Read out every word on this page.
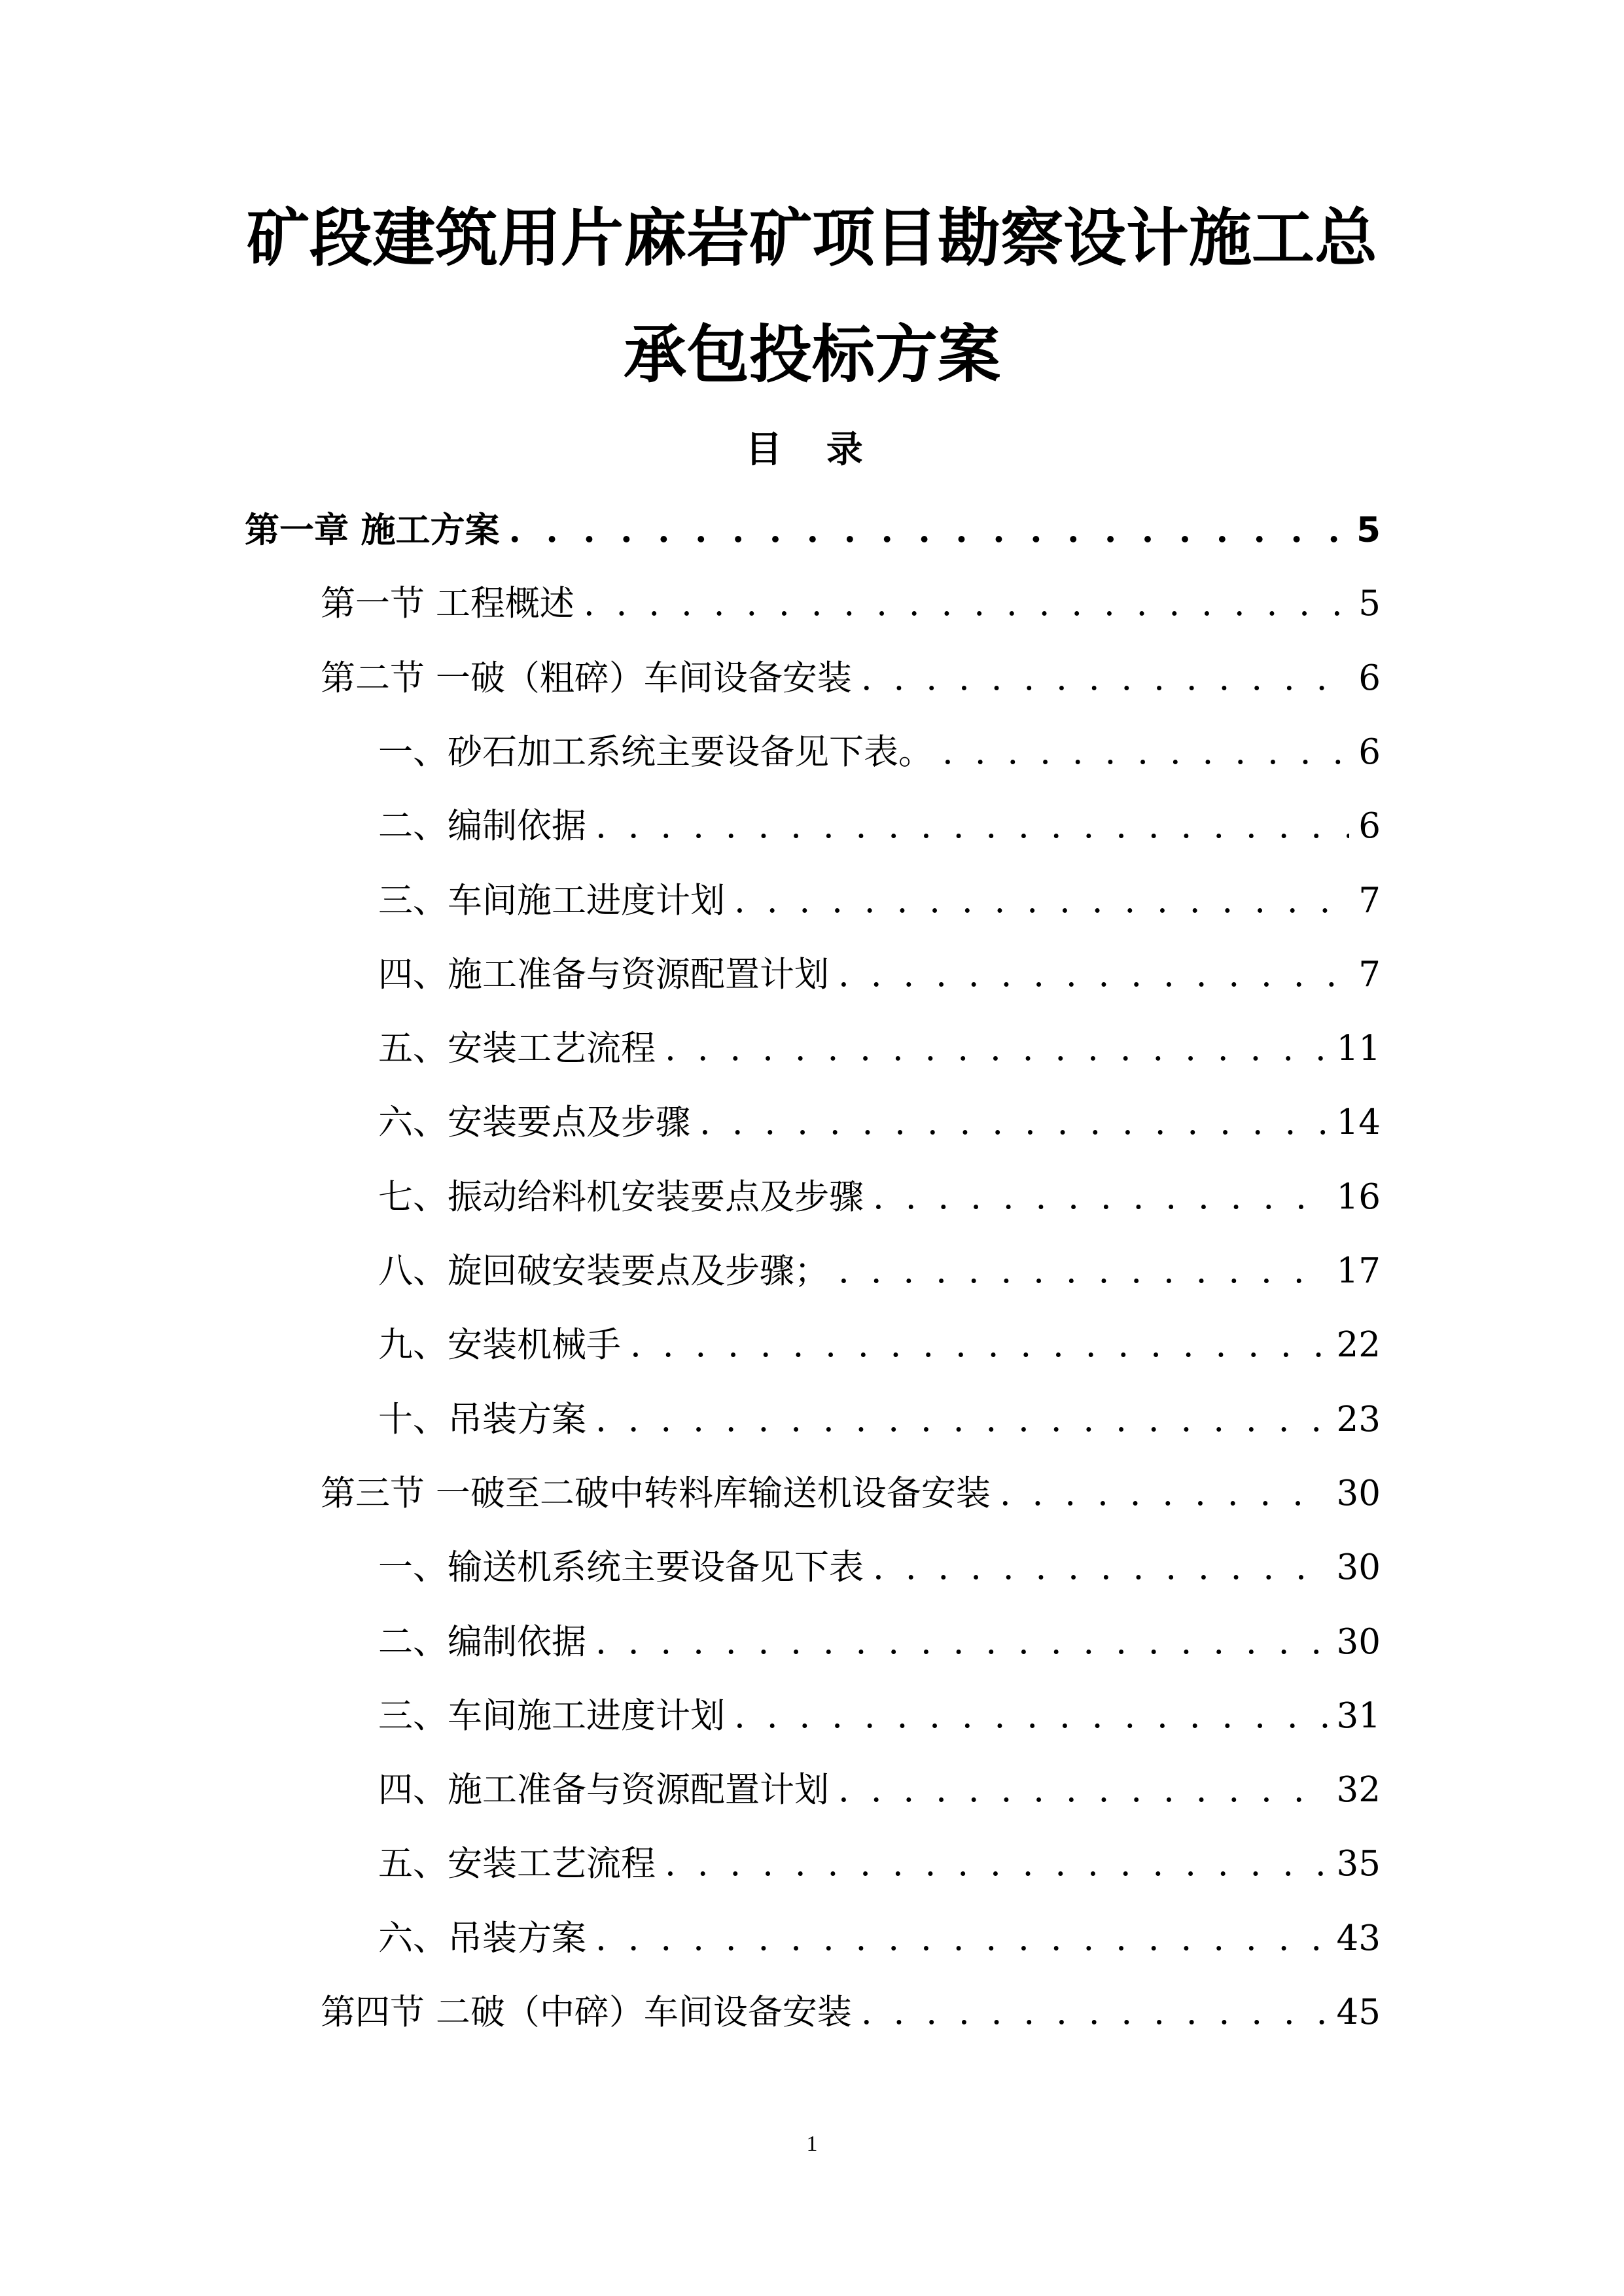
矿段建筑用片麻岩矿项目勘察设计施工总
承包投标方案
目 录
第一章 施工方案 . . .	5
第一节 工程概述 . . .	5
第二节 一破（粗碎）车间设备安装 . . .	6
一、砂石加工系统主要设备见下表。 . . .	6
二、编制依据 . . .	6
三、车间施工进度计划 . . .	7
四、施工准备与资源配置计划 . . .	7
五、安装工艺流程 . . .	11
六、安装要点及步骤 . . .	14
七、振动给料机安装要点及步骤 . . .	16
八、旋回破安装要点及步骤； . . .	17
九、安装机械手 . . .	22
十、吊装方案 . . .	23
第三节 一破至二破中转料库输送机设备安装 . . .	30
一、输送机系统主要设备见下表 . . .	30
二、编制依据 . . .	30
三、车间施工进度计划 . . .	31
四、施工准备与资源配置计划 . . .	32
五、安装工艺流程 . . .	35
六、吊装方案 . . .	43
第四节 二破（中碎）车间设备安装 . . .	45
1
